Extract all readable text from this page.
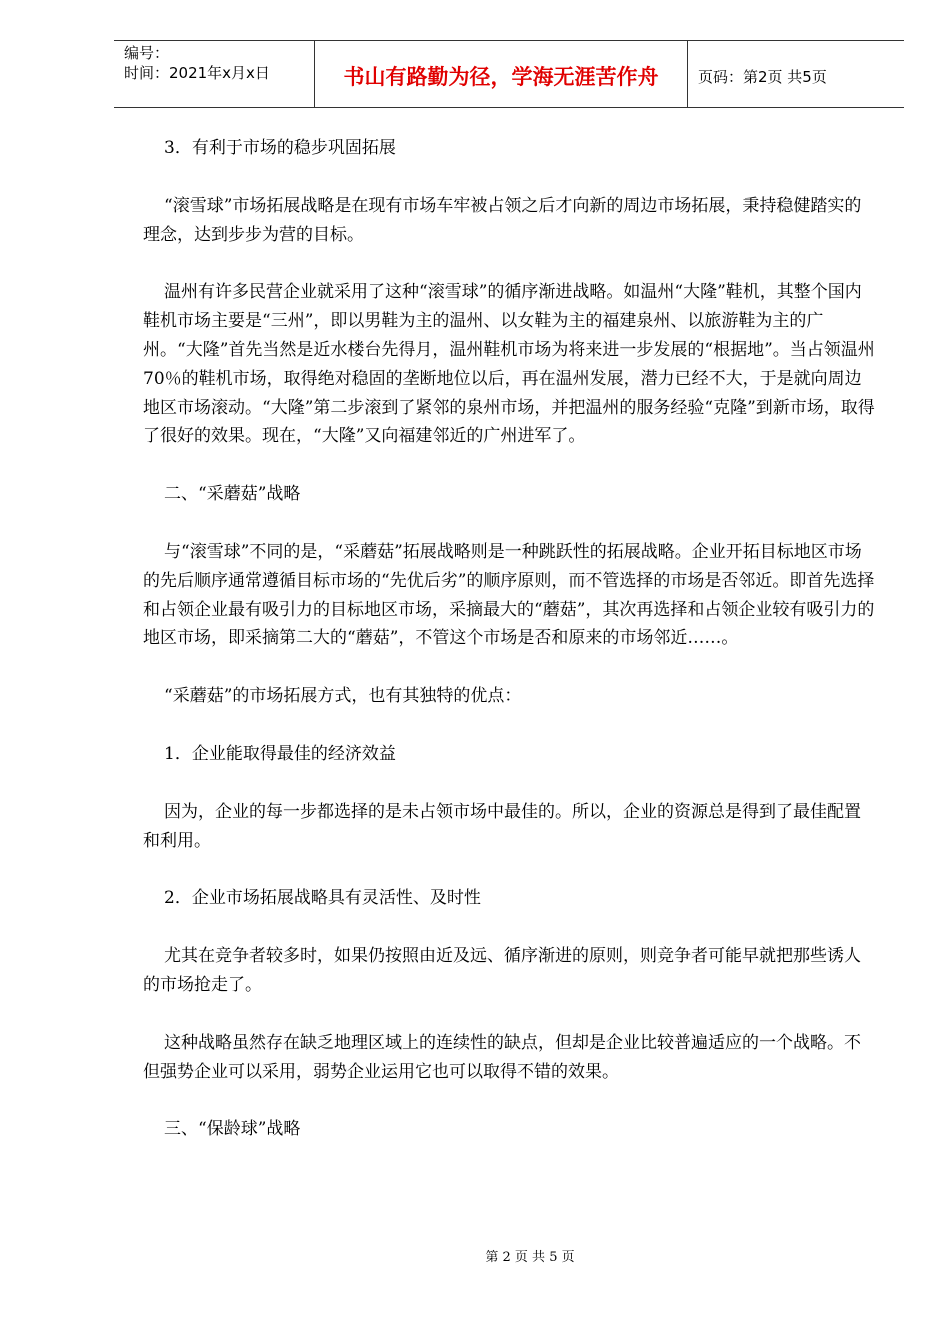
编号：
时间：2021年x月x日	书山有路勤为径，学海无涯苦作舟	页码：第2页 共5页

3．有利于市场的稳步巩固拓展

“滚雪球”市场拓展战略是在现有市场车牢被占领之后才向新的周边市场拓展，秉持稳健踏实的理念，达到步步为营的目标。

温州有许多民营企业就采用了这种“滚雪球”的循序渐进战略。如温州“大隆”鞋机，其整个国内鞋机市场主要是“三州”，即以男鞋为主的温州、以女鞋为主的福建泉州、以旅游鞋为主的广州。“大隆”首先当然是近水楼台先得月，温州鞋机市场为将来进一步发展的“根据地”。当占领温州70％的鞋机市场，取得绝对稳固的垄断地位以后，再在温州发展，潜力已经不大，于是就向周边地区市场滚动。“大隆”第二步滚到了紧邻的泉州市场，并把温州的服务经验“克隆”到新市场，取得了很好的效果。现在，“大隆”又向福建邻近的广州进军了。

二、“采蘑菇”战略

与“滚雪球”不同的是，“采蘑菇”拓展战略则是一种跳跃性的拓展战略。企业开拓目标地区市场的先后顺序通常遵循目标市场的“先优后劣”的顺序原则，而不管选择的市场是否邻近。即首先选择和占领企业最有吸引力的目标地区市场，采摘最大的“蘑菇”，其次再选择和占领企业较有吸引力的地区市场，即采摘第二大的“蘑菇”，不管这个市场是否和原来的市场邻近……。

“采蘑菇”的市场拓展方式，也有其独特的优点：

1．企业能取得最佳的经济效益

因为，企业的每一步都选择的是未占领市场中最佳的。所以，企业的资源总是得到了最佳配置和利用。

2．企业市场拓展战略具有灵活性、及时性

尤其在竞争者较多时，如果仍按照由近及远、循序渐进的原则，则竞争者可能早就把那些诱人的市场抢走了。

这种战略虽然存在缺乏地理区域上的连续性的缺点，但却是企业比较普遍适应的一个战略。不但强势企业可以采用，弱势企业运用它也可以取得不错的效果。

三、“保龄球”战略

第 2 页 共 5 页
